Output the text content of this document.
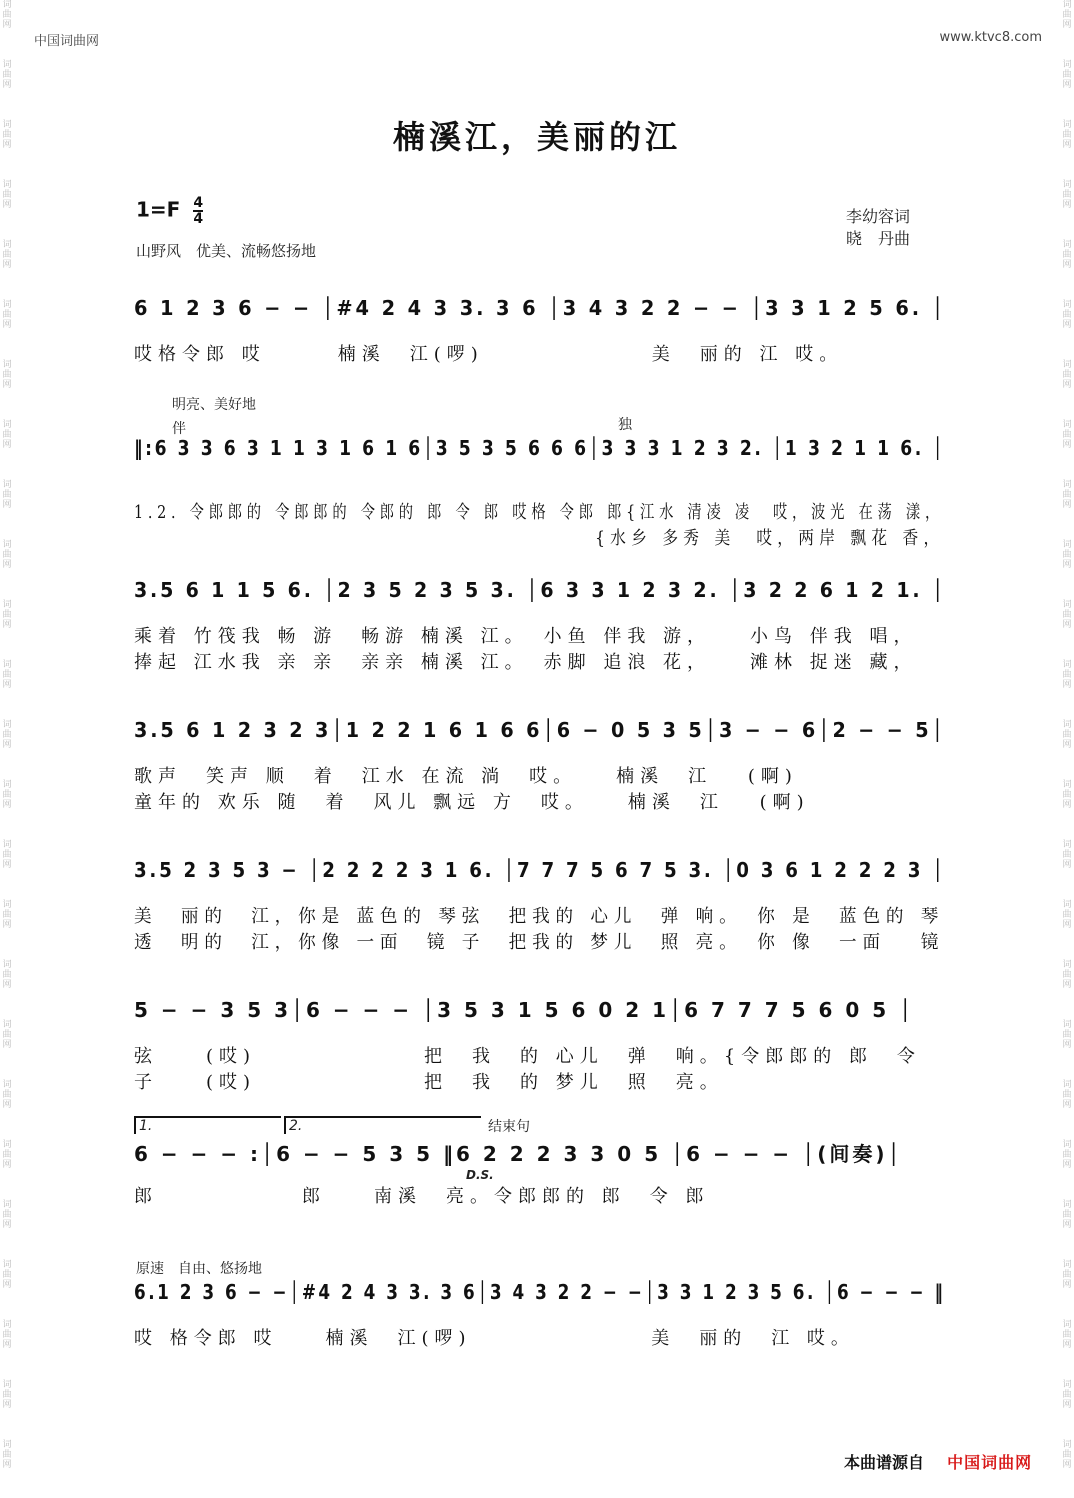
词
曲
网
词
曲
网
词
曲
网
词
曲
网
词
曲
网
词
曲
网
词
曲
网
词
曲
网
词
曲
网
词
曲
网
词
曲
网
词
曲
网
词
曲
网
词
曲
网
词
曲
网
词
曲
网
词
曲
网
词
曲
网
词
曲
网
词
曲
网
词
曲
网
词
曲
网
词
曲
网
词
曲
网
词
曲
网
词
曲
网
词
曲
网
词
曲
网
词
曲
网
词
曲
网
词
曲
网
词
曲
网
词
曲
网
词
曲
网
词
曲
网
词
曲
网
词
曲
网
词
曲
网
词
曲
网
词
曲
网
词
曲
网
词
曲
网
词
曲
网
词
曲
网
词
曲
网
词
曲
网
词
曲
网
词
曲
网
词
曲
网
词
曲
网
中国词曲网	www.ktvc8.com
楠溪江，美丽的江
$1=F \frac{4}{4}$	李幼容词
晓　丹曲
山野风　优美、流畅悠扬地
6 1 2 3 6 − − │#4 2 4 3 3. 3 6 │3 4 3 2 2 − − │3 3 1 2 5 6. │
哎格令郎 哎　　　楠溪　江(啰)　　　　　　　美　丽的 江 哎。
明亮、美好地
伴	独
‖:6 3 3 6 3 1 1 3 1 6 1 6│3 5 3 5 6 6 6│3 3 3 1 2 3 2. │1 3 2 1 1 6. │
1.2. 令郎郎的 令郎郎的 令郎的 郎 令 郎 哎格 令郎 郎{江水 清凌 凌　哎，波光 在荡 漾，
　　　　　　　　　　　　　　　　　　　　　　{水乡 多秀 美　哎，两岸 飘花 香，
3.5 6 1 1 5 6. │2 3 5 2 3 5 3. │6 3 3 1 2 3 2. │3 2 2 6 1 2 1. │
乘着 竹筏我 畅 游　畅游 楠溪 江。　小鱼 伴我 游，　　小鸟 伴我 唱，
捧起 江水我 亲 亲　亲亲 楠溪 江。　赤脚 追浪 花，　　滩林 捉迷 藏，
3.5 6 1 2 3 2 3│1 2 2 1 6 1 6 6│6 − 0 5 3 5│3 − − 6│2 − − 5│
歌声　笑声 顺　着　江水 在流 淌　哎。　　楠溪　江　 (啊)
童年的 欢乐 随　着　风儿 飘远 方　哎。　　楠溪　江　 (啊)
3.5 2 3 5 3 − │2 2 2 2 3 1 6. │7 7 7 5 6 7 5 3. │0 3 6 1 2 2 2 3 │
美　丽的　江，你是 蓝色的 琴弦　把我的 心儿　弹 响。　你 是　蓝色的 琴
透　明的　江，你像 一面　镜 子　把我的 梦儿　照 亮。　你 像　一面　 镜
5 − − 3 5 3│6 − − − │3 5 3 1 5 6 0 2 1│6 7 7 7 5 6 0 5 │
弦　　(哎)　　　　　　　把　我　的 心儿　弹　响。{令郎郎的 郎　令
子　　(哎)　　　　　　　把　我　的 梦儿　照　亮。
1.	2.	结束句
D.S.
6 − − − :│6 − − 5 3 5 ‖6 2 2 2 3 3 0 5 │6 − − − │(间奏)│
郎　　　　　　郎　　南溪　亮。令郎郎的 郎　令 郎
原速　自由、悠扬地
6.1 2 3 6 − −│#4 2 4 3 3. 3 6│3 4 3 2 2 − −│3 3 1 2 3 5 6. │6 − − − ‖
哎 格令郎 哎　　楠溪　江(啰)　　　　　　　 美　丽的　江 哎。
本曲谱源自 中国词曲网
